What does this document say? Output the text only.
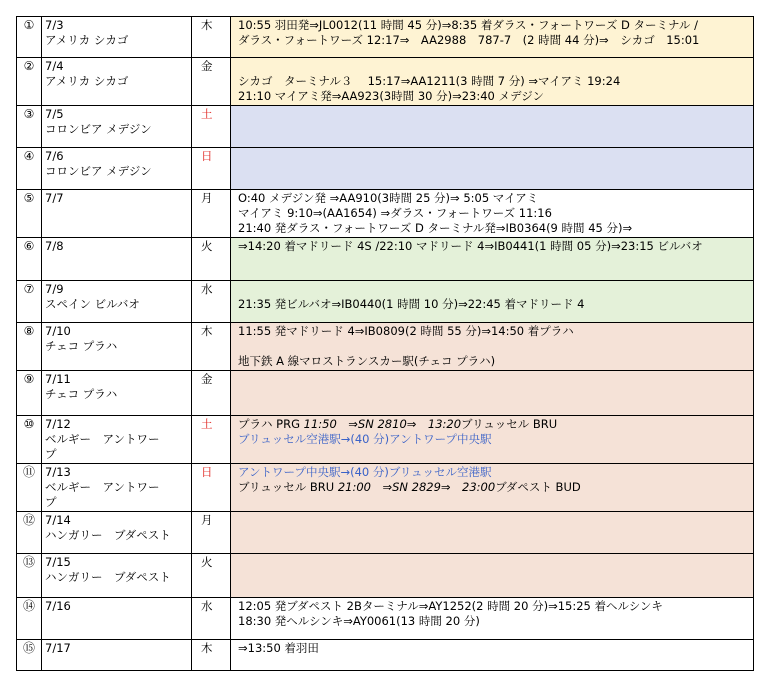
①	7/3
アメリカ シカゴ	木	10:55 羽田発⇒JL0012(11 時間 45 分)⇒8:35 着ダラス・フォートワーズ D ターミナル /
ダラス・フォートワーズ 12:17⇒　AA2988　787-7　(2 時間 44 分)⇒　シカゴ　15:01

②	7/4
アメリカ シカゴ	金	シカゴ　ターミナル３　 15:17⇒AA1211(3 時間 7 分) ⇒マイアミ 19:24
21:10 マイアミ発⇒AA923(3時間 30 分)⇒23:40 メデジン

③	7/5
コロンビア メデジン	土	
④	7/6
コロンビア メデジン	日	
⑤	7/7	月	O:40 メデジン発 ⇒AA910(3時間 25 分)⇒ 5:05 マイアミ
マイアミ 9:10⇒(AA1654) ⇒ダラス・フォートワーズ 11:16
21:40 発ダラス・フォートワーズ D ターミナル発⇒IB0364(9 時間 45 分)⇒

⑥	7/8	火	⇒14:20 着マドリード 4S /22:10 マドリード 4⇒IB0441(1 時間 05 分)⇒23:15 ビルバオ

⑦	7/9
スペイン ビルバオ	水	21:35 発ビルバオ⇒IB0440(1 時間 10 分)⇒22:45 着マドリード 4

⑧	7/10
チェコ プラハ	木	11:55 発マドリード 4⇒IB0809(2 時間 55 分)⇒14:50 着プラハ
地下鉄 A 線マロストランスカー駅(チェコ プラハ)

⑨	7/11
チェコ プラハ	金	
⑩	7/12
ベルギー　アントワー
プ	土	プラハ PRG 11:50　⇒SN 2810⇒　13:20ブリュッセル BRU
ブリュッセル空港駅→(40 分)アントワープ中央駅

⑪	7/13
ベルギー　アントワー
プ	日	アントワープ中央駅→(40 分)ブリュッセル空港駅
ブリュッセル BRU 21:00　⇒SN 2829⇒　23:00ブダペスト BUD

⑫	7/14
ハンガリー　ブダペスト	月	
⑬	7/15
ハンガリー　ブダペスト	火	
⑭	7/16	水	12:05 発ブダペスト 2Bターミナル⇒AY1252(2 時間 20 分)⇒15:25 着ヘルシンキ
18:30 発ヘルシンキ⇒AY0061(13 時間 20 分)

⑮	7/17	木	⇒13:50 着羽田
